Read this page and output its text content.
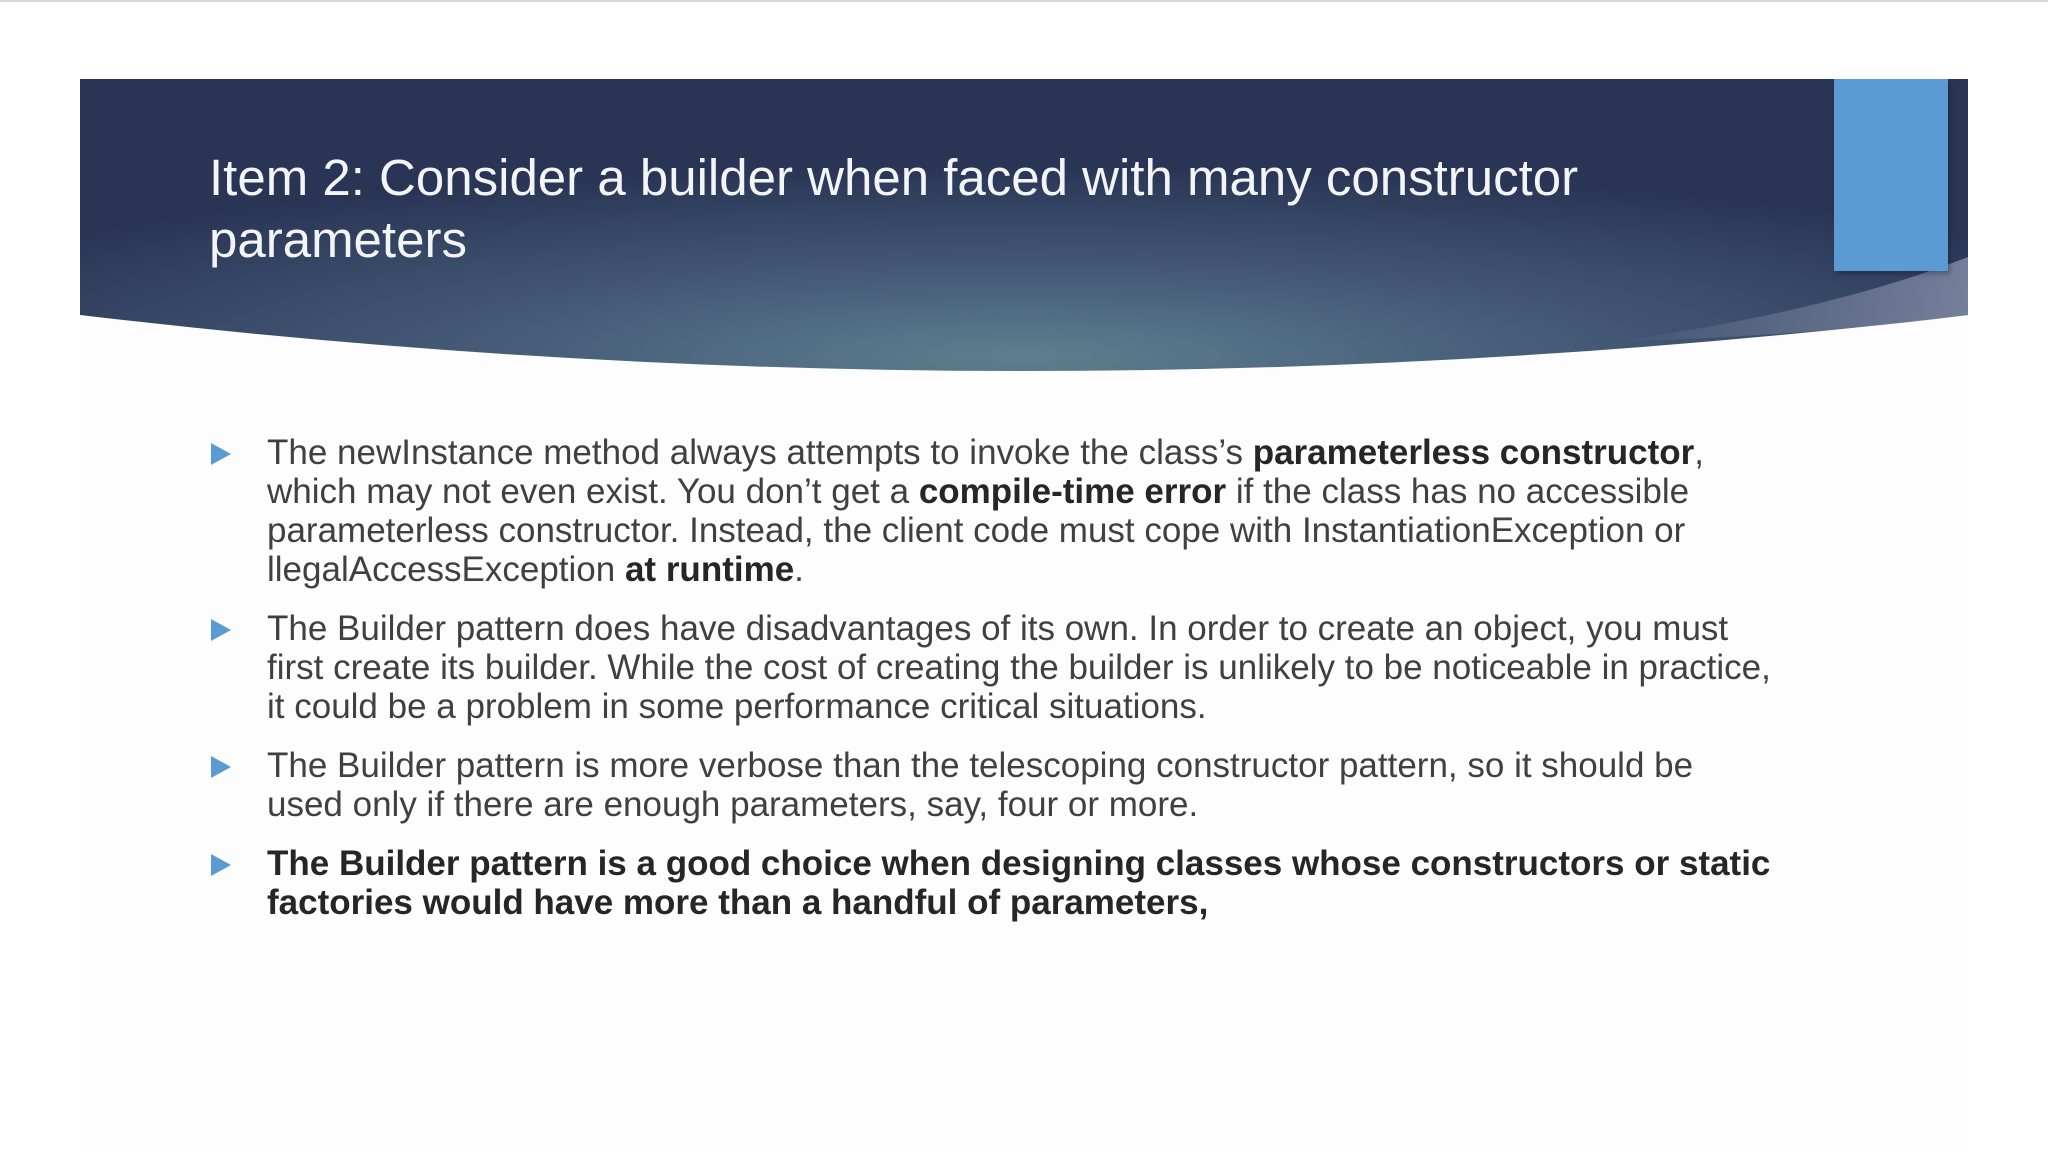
Item 2: Consider a builder when faced with many constructor parameters
The newInstance method always attempts to invoke the class’s parameterless constructor, which may not even exist. You don’t get a compile-time error if the class has no accessible parameterless constructor. Instead, the client code must cope with InstantiationException or llegalAccessException at runtime.
The Builder pattern does have disadvantages of its own. In order to create an object, you must first create its builder. While the cost of creating the builder is unlikely to be noticeable in practice, it could be a problem in some performance critical situations.
The Builder pattern is more verbose than the telescoping constructor pattern, so it should be used only if there are enough parameters, say, four or more.
The Builder pattern is a good choice when designing classes whose constructors or static factories would have more than a handful of parameters,
